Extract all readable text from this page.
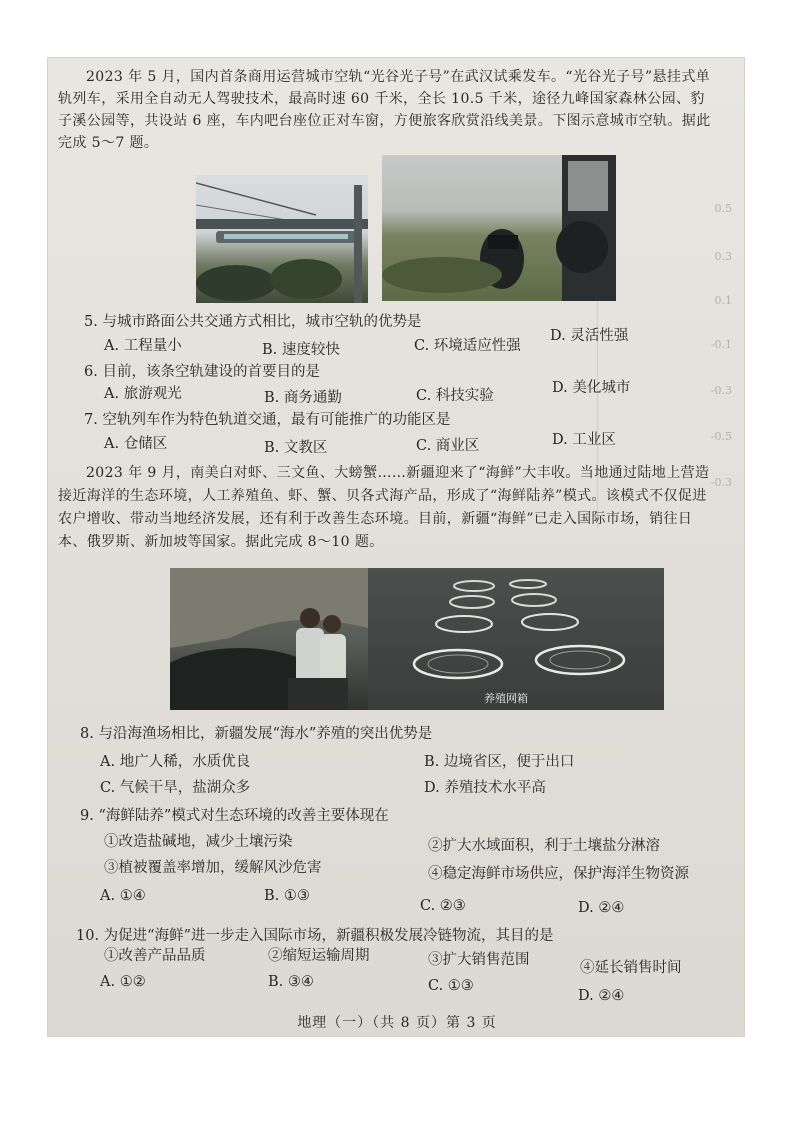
0.5
0.3
0.1
-0.1
-0.3
-0.5
-0.3
2023 年 5 月，国内首条商用运营城市空轨“光谷光子号”在武汉试乘发车。“光谷光子号”悬挂式单轨列车，采用全自动无人驾驶技术，最高时速 60 千米，全长 10.5 千米，途径九峰国家森林公园、豹子溪公园等，共设站 6 座，车内吧台座位正对车窗，方便旅客欣赏沿线美景。下图示意城市空轨。据此完成 5～7 题。
5. 与城市路面公共交通方式相比，城市空轨的优势是
A. 工程量小	B. 速度较快	C. 环境适应性强
D. 灵活性强
6. 目前，该条空轨建设的首要目的是
A. 旅游观光	B. 商务通勤	C. 科技实验	D. 美化城市
7. 空轨列车作为特色轨道交通，最有可能推广的功能区是
A. 仓储区	B. 文教区	C. 商业区	D. 工业区
2023 年 9 月，南美白对虾、三文鱼、大螃蟹……新疆迎来了“海鲜”大丰收。当地通过陆地上营造接近海洋的生态环境，人工养殖鱼、虾、蟹、贝各式海产品，形成了“海鲜陆养”模式。该模式不仅促进农户增收、带动当地经济发展，还有利于改善生态环境。目前，新疆“海鲜”已走入国际市场，销往日本、俄罗斯、新加坡等国家。据此完成 8～10 题。
养殖网箱
8. 与沿海渔场相比，新疆发展“海水”养殖的突出优势是
A. 地广人稀，水质优良	B. 边境省区，便于出口
C. 气候干旱，盐湖众多	D. 养殖技术水平高
9. “海鲜陆养”模式对生态环境的改善主要体现在
①改造盐碱地，减少土壤污染	②扩大水域面积，利于土壤盐分淋溶
③植被覆盖率增加，缓解风沙危害	④稳定海鲜市场供应，保护海洋生物资源
A. ①④	B. ①③
C. ②③	D. ②④
10. 为促进“海鲜”进一步走入国际市场，新疆积极发展冷链物流，其目的是
①改善产品品质	②缩短运输周期	③扩大销售范围	④延长销售时间
A. ①②	B. ③④	C. ①③
D. ②④
地理（一）（共 8 页）第 3 页
